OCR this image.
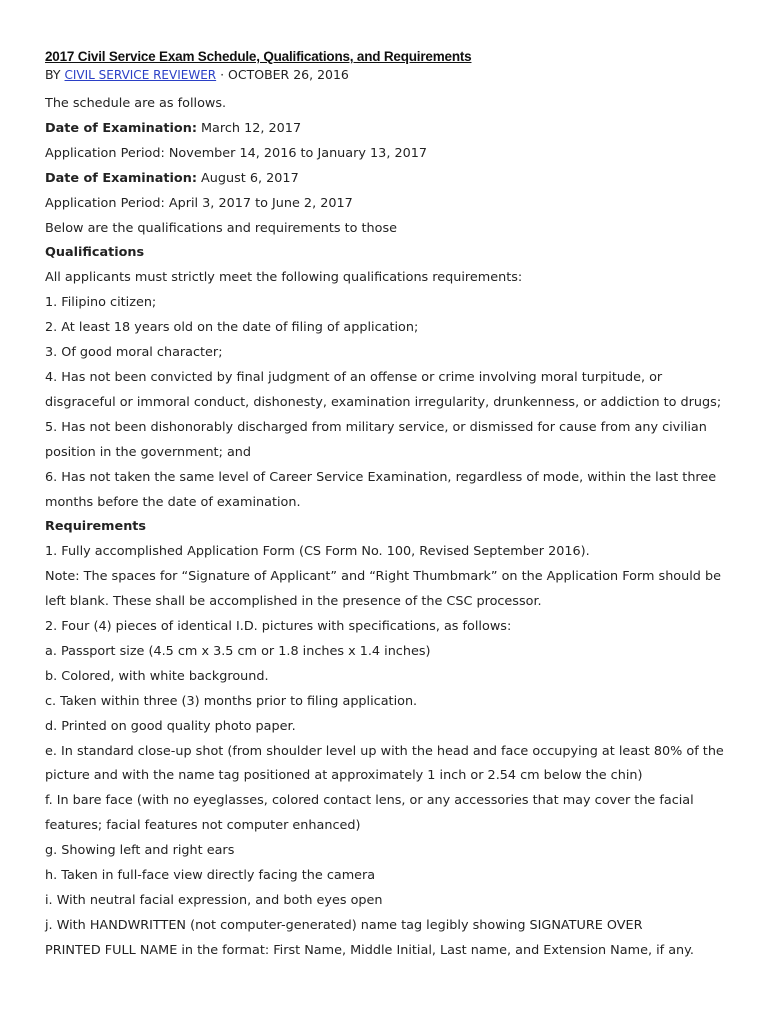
2017 Civil Service Exam Schedule, Qualifications, and Requirements

BY CIVIL SERVICE REVIEWER · OCTOBER 26, 2016

The schedule are as follows.

Date of Examination: March 12, 2017

Application Period: November 14, 2016 to January 13, 2017

Date of Examination: August 6, 2017

Application Period: April 3, 2017 to June 2, 2017

Below are the qualifications and requirements to those

Qualifications

All applicants must strictly meet the following qualifications requirements:

1. Filipino citizen;

2. At least 18 years old on the date of filing of application;

3. Of good moral character;

4. Has not been convicted by final judgment of an offense or crime involving moral turpitude, or

disgraceful or immoral conduct, dishonesty, examination irregularity, drunkenness, or addiction to drugs;

5. Has not been dishonorably discharged from military service, or dismissed for cause from any civilian

position in the government; and

6. Has not taken the same level of Career Service Examination, regardless of mode, within the last three

months before the date of examination.

Requirements

1. Fully accomplished Application Form (CS Form No. 100, Revised September 2016).

Note: The spaces for “Signature of Applicant” and “Right Thumbmark” on the Application Form should be

left blank. These shall be accomplished in the presence of the CSC processor.

2. Four (4) pieces of identical I.D. pictures with specifications, as follows:

a. Passport size (4.5 cm x 3.5 cm or 1.8 inches x 1.4 inches)

b. Colored, with white background.

c. Taken within three (3) months prior to filing application.

d. Printed on good quality photo paper.

e. In standard close-up shot (from shoulder level up with the head and face occupying at least 80% of the

picture and with the name tag positioned at approximately 1 inch or 2.54 cm below the chin)

f. In bare face (with no eyeglasses, colored contact lens, or any accessories that may cover the facial

features; facial features not computer enhanced)

g. Showing left and right ears

h. Taken in full-face view directly facing the camera

i. With neutral facial expression, and both eyes open

j. With HANDWRITTEN (not computer-generated) name tag legibly showing SIGNATURE OVER

PRINTED FULL NAME in the format: First Name, Middle Initial, Last name, and Extension Name, if any.
